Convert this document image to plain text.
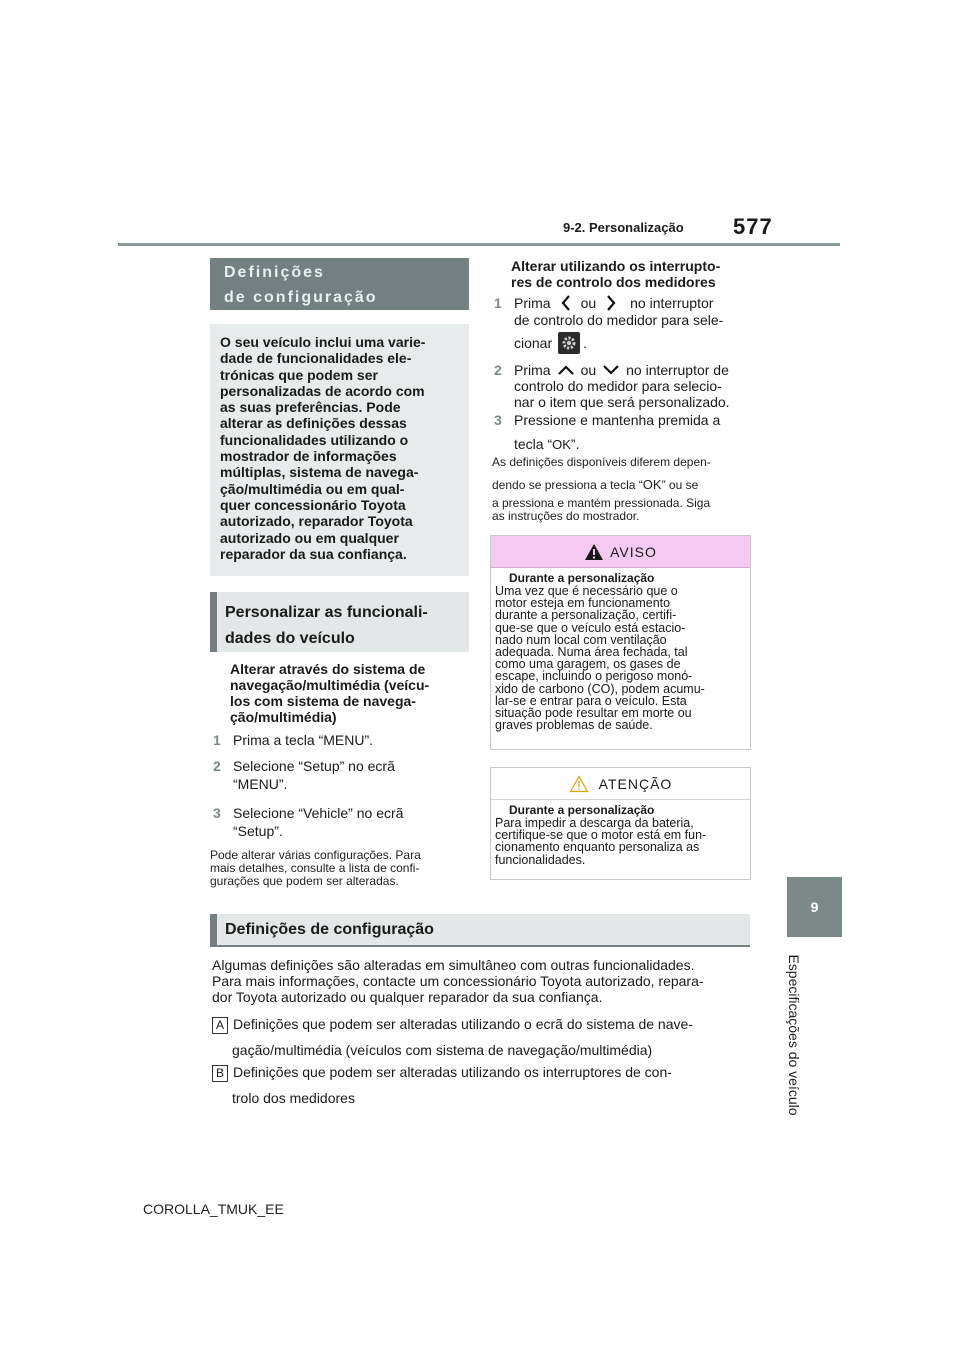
577
9-2. Personalização
9
Especificações do veículo
Definições
de configuração
O seu veículo inclui uma varie-
dade de funcionalidades ele-
trónicas que podem ser
personalizadas de acordo com
as suas preferências. Pode
alterar as definições dessas
funcionalidades utilizando o
mostrador de informações
múltiplas, sistema de navega-
ção/multimédia ou em qual-
quer concessionário Toyota
autorizado, reparador Toyota
autorizado ou em qualquer
reparador da sua confiança.
Personalizar as funcionali-
dades do veículo
Alterar através do sistema de
navegação/multimédia (veícu-
los com sistema de navega-
ção/multimédia)
1 Prima a tecla “MENU”.
2 Selecione “Setup” no ecrã
“MENU”.
3 Selecione “Vehicle” no ecrã
“Setup”.
Pode alterar várias configurações. Para
mais detalhes, consulte a lista de confi-
gurações que podem ser alteradas.
Alterar utilizando os interrupto-
res de controlo dos medidores
1 Prima ou no interruptor
de controlo do medidor para sele-
cionar .
2 Prima ou no interruptor de
controlo do medidor para selecio-
nar o item que será personalizado.
3 Pressione e mantenha premida a
tecla “OK”.
As definições disponíveis diferem depen-
dendo se pressiona a tecla “OK” ou se
a pressiona e mantém pressionada. Siga
as instruções do mostrador.
AVISO
Durante a personalização
Uma vez que é necessário que o
motor esteja em funcionamento
durante a personalização, certifi-
que-se que o veículo está estacio-
nado num local com ventilação
adequada. Numa área fechada, tal
como uma garagem, os gases de
escape, incluindo o perigoso monó-
xido de carbono (CO), podem acumu-
lar-se e entrar para o veículo. Esta
situação pode resultar em morte ou
graves problemas de saúde.
ATENÇÃO
Durante a personalização
Para impedir a descarga da bateria,
certifique-se que o motor está em fun-
cionamento enquanto personaliza as
funcionalidades.
Definições de configuração
Algumas definições são alteradas em simultâneo com outras funcionalidades.
Para mais informações, contacte um concessionário Toyota autorizado, repara-
dor Toyota autorizado ou qualquer reparador da sua confiança.
A Definições que podem ser alteradas utilizando o ecrã do sistema de nave-
gação/multimédia (veículos com sistema de navegação/multimédia)
B Definições que podem ser alteradas utilizando os interruptores de con-
trolo dos medidores
COROLLA_TMUK_EE
